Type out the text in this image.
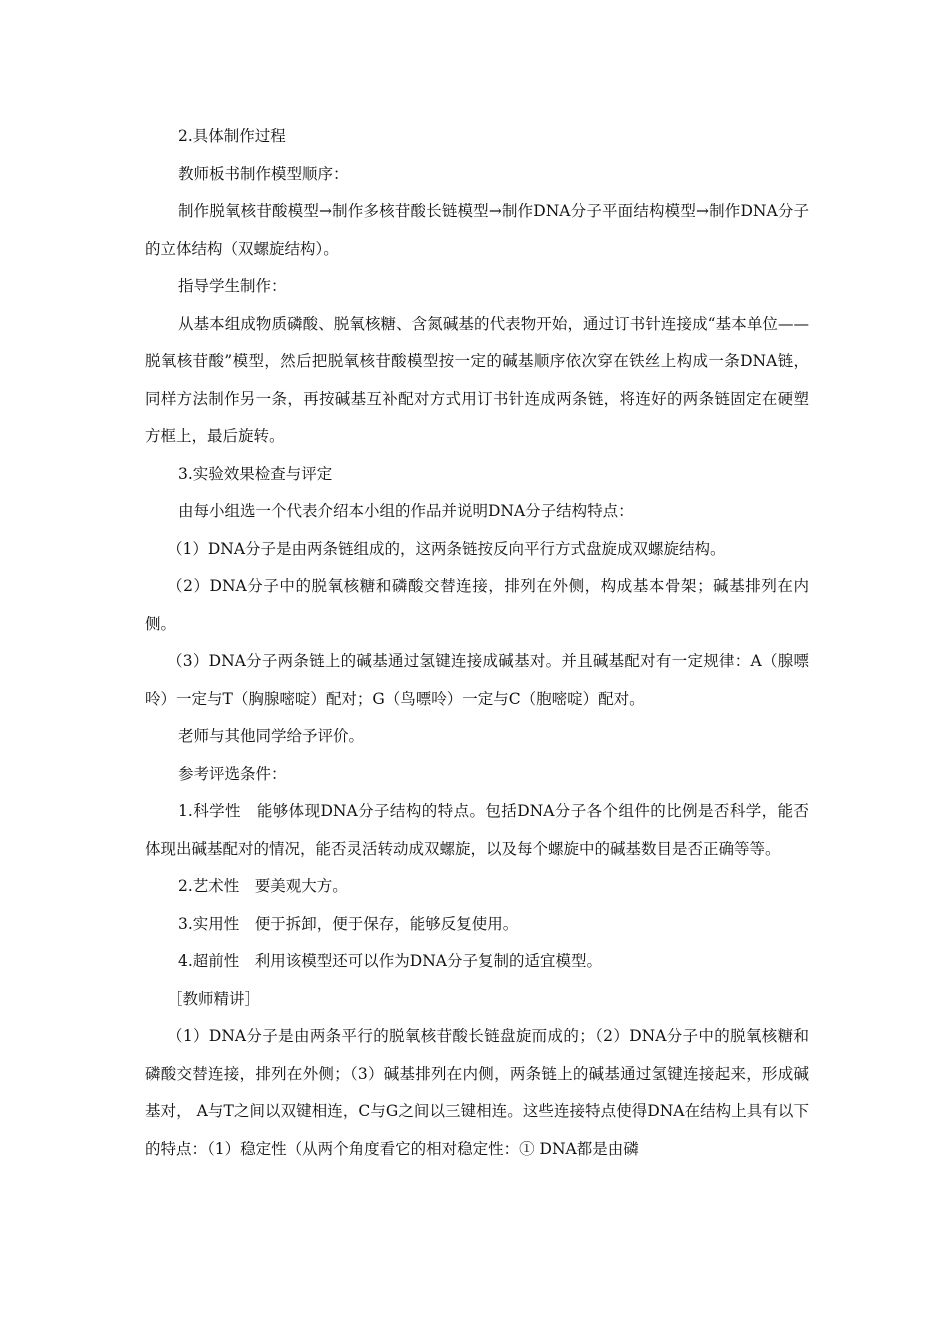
2.具体制作过程

教师板书制作模型顺序：

制作脱氧核苷酸模型→制作多核苷酸长链模型→制作DNA分子平面结构模型→制作DNA分子的立体结构（双螺旋结构）。

指导学生制作：

从基本组成物质磷酸、脱氧核糖、含氮碱基的代表物开始，通过订书针连接成“基本单位——脱氧核苷酸”模型，然后把脱氧核苷酸模型按一定的碱基顺序依次穿在铁丝上构成一条DNA链，同样方法制作另一条，再按碱基互补配对方式用订书针连成两条链，将连好的两条链固定在硬塑方框上，最后旋转。

3.实验效果检查与评定

由每小组选一个代表介绍本小组的作品并说明DNA分子结构特点：

（1）DNA分子是由两条链组成的，这两条链按反向平行方式盘旋成双螺旋结构。

（2）DNA分子中的脱氧核糖和磷酸交替连接，排列在外侧，构成基本骨架；碱基排列在内侧。

（3）DNA分子两条链上的碱基通过氢键连接成碱基对。并且碱基配对有一定规律：A（腺嘌呤）一定与T（胸腺嘧啶）配对；G（鸟嘌呤）一定与C（胞嘧啶）配对。

老师与其他同学给予评价。

参考评选条件：

1.科学性　能够体现DNA分子结构的特点。包括DNA分子各个组件的比例是否科学，能否体现出碱基配对的情况，能否灵活转动成双螺旋，以及每个螺旋中的碱基数目是否正确等等。

2.艺术性　要美观大方。

3.实用性　便于拆卸，便于保存，能够反复使用。

4.超前性　利用该模型还可以作为DNA分子复制的适宜模型。

［教师精讲］

（1）DNA分子是由两条平行的脱氧核苷酸长链盘旋而成的；（2）DNA分子中的脱氧核糖和磷酸交替连接，排列在外侧；（3）碱基排列在内侧，两条链上的碱基通过氢键连接起来，形成碱基对， A与T之间以双键相连，C与G之间以三键相连。这些连接特点使得DNA在结构上具有以下的特点：（1）稳定性（从两个角度看它的相对稳定性：① DNA都是由磷
